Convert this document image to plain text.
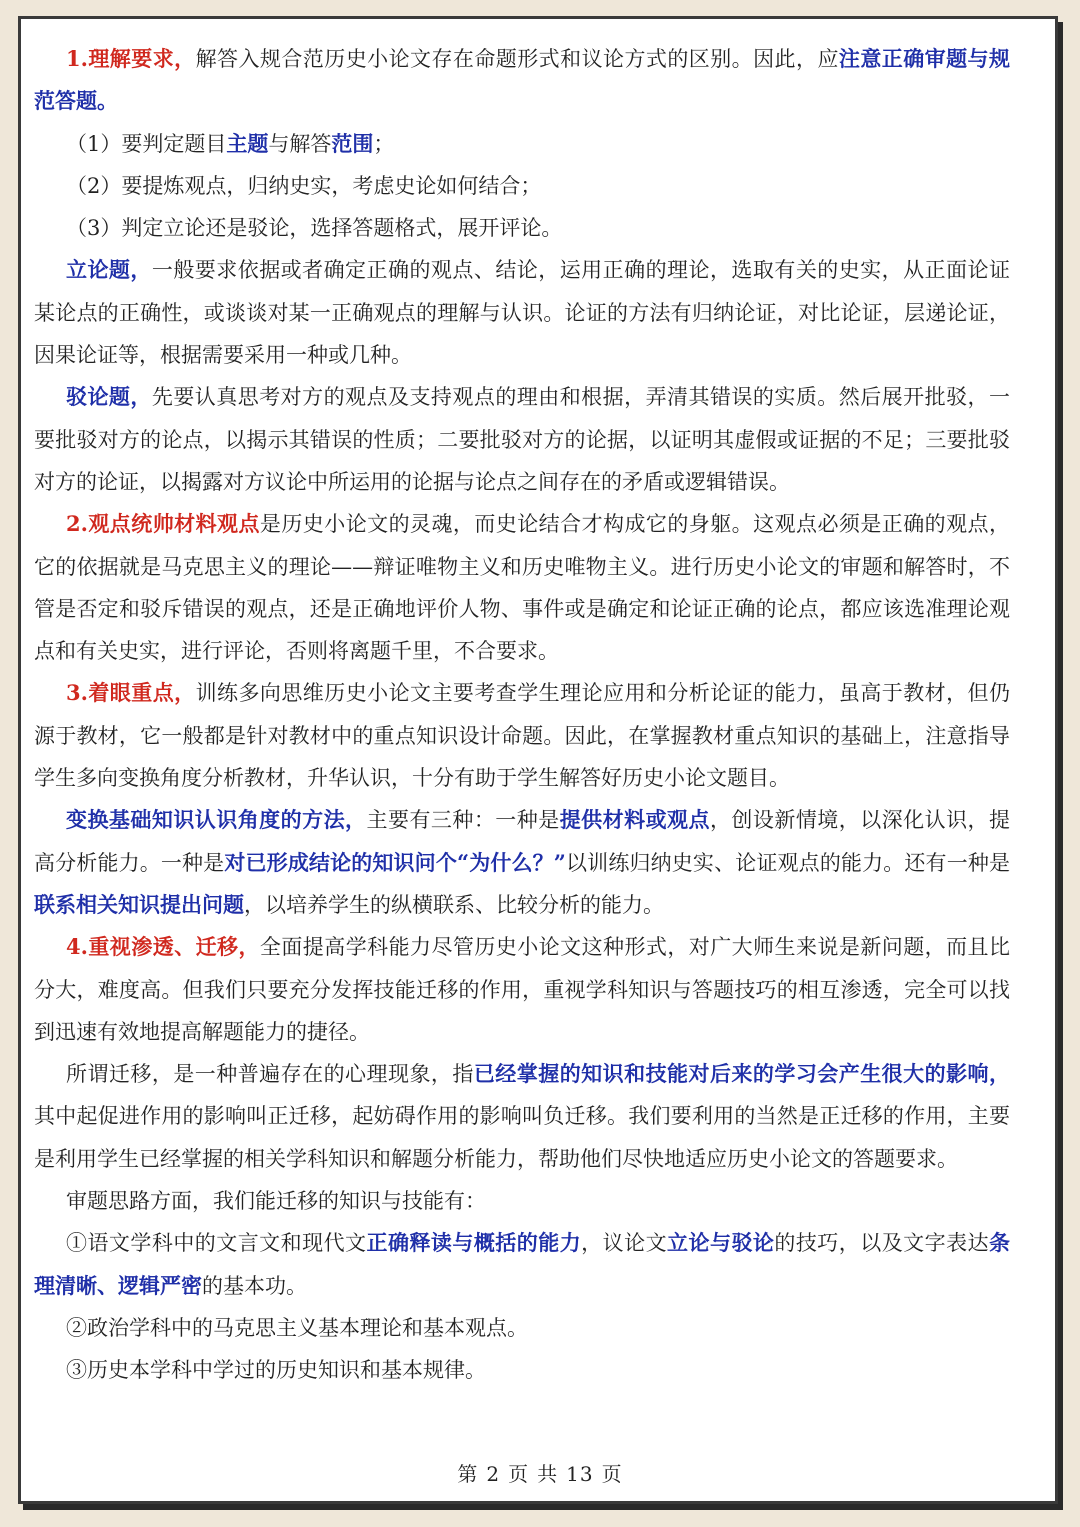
1.理解要求，解答入规合范历史小论文存在命题形式和议论方式的区别。因此，应注意正确审题与规范答题。

（1）要判定题目主题与解答范围；

（2）要提炼观点，归纳史实，考虑史论如何结合；

（3）判定立论还是驳论，选择答题格式，展开评论。

立论题，一般要求依据或者确定正确的观点、结论，运用正确的理论，选取有关的史实，从正面论证某论点的正确性，或谈谈对某一正确观点的理解与认识。论证的方法有归纳论证，对比论证，层递论证，因果论证等，根据需要采用一种或几种。

驳论题，先要认真思考对方的观点及支持观点的理由和根据，弄清其错误的实质。然后展开批驳，一要批驳对方的论点，以揭示其错误的性质；二要批驳对方的论据，以证明其虚假或证据的不足；三要批驳对方的论证，以揭露对方议论中所运用的论据与论点之间存在的矛盾或逻辑错误。

2.观点统帅材料观点是历史小论文的灵魂，而史论结合才构成它的身躯。这观点必须是正确的观点，它的依据就是马克思主义的理论——辩证唯物主义和历史唯物主义。进行历史小论文的审题和解答时，不管是否定和驳斥错误的观点，还是正确地评价人物、事件或是确定和论证正确的论点，都应该选准理论观点和有关史实，进行评论，否则将离题千里，不合要求。

3.着眼重点，训练多向思维历史小论文主要考查学生理论应用和分析论证的能力，虽高于教材，但仍源于教材，它一般都是针对教材中的重点知识设计命题。因此，在掌握教材重点知识的基础上，注意指导学生多向变换角度分析教材，升华认识，十分有助于学生解答好历史小论文题目。

变换基础知识认识角度的方法，主要有三种：一种是提供材料或观点，创设新情境，以深化认识，提高分析能力。一种是对已形成结论的知识问个“为什么？”以训练归纳史实、论证观点的能力。还有一种是联系相关知识提出问题，以培养学生的纵横联系、比较分析的能力。

4.重视渗透、迁移，全面提高学科能力尽管历史小论文这种形式，对广大师生来说是新问题，而且比分大，难度高。但我们只要充分发挥技能迁移的作用，重视学科知识与答题技巧的相互渗透，完全可以找到迅速有效地提高解题能力的捷径。

所谓迁移，是一种普遍存在的心理现象，指已经掌握的知识和技能对后来的学习会产生很大的影响，其中起促进作用的影响叫正迁移，起妨碍作用的影响叫负迁移。我们要利用的当然是正迁移的作用，主要是利用学生已经掌握的相关学科知识和解题分析能力，帮助他们尽快地适应历史小论文的答题要求。

审题思路方面，我们能迁移的知识与技能有：

①语文学科中的文言文和现代文正确释读与概括的能力，议论文立论与驳论的技巧，以及文字表达条理清晰、逻辑严密的基本功。

②政治学科中的马克思主义基本理论和基本观点。

③历史本学科中学过的历史知识和基本规律。

第 2 页 共 13 页
